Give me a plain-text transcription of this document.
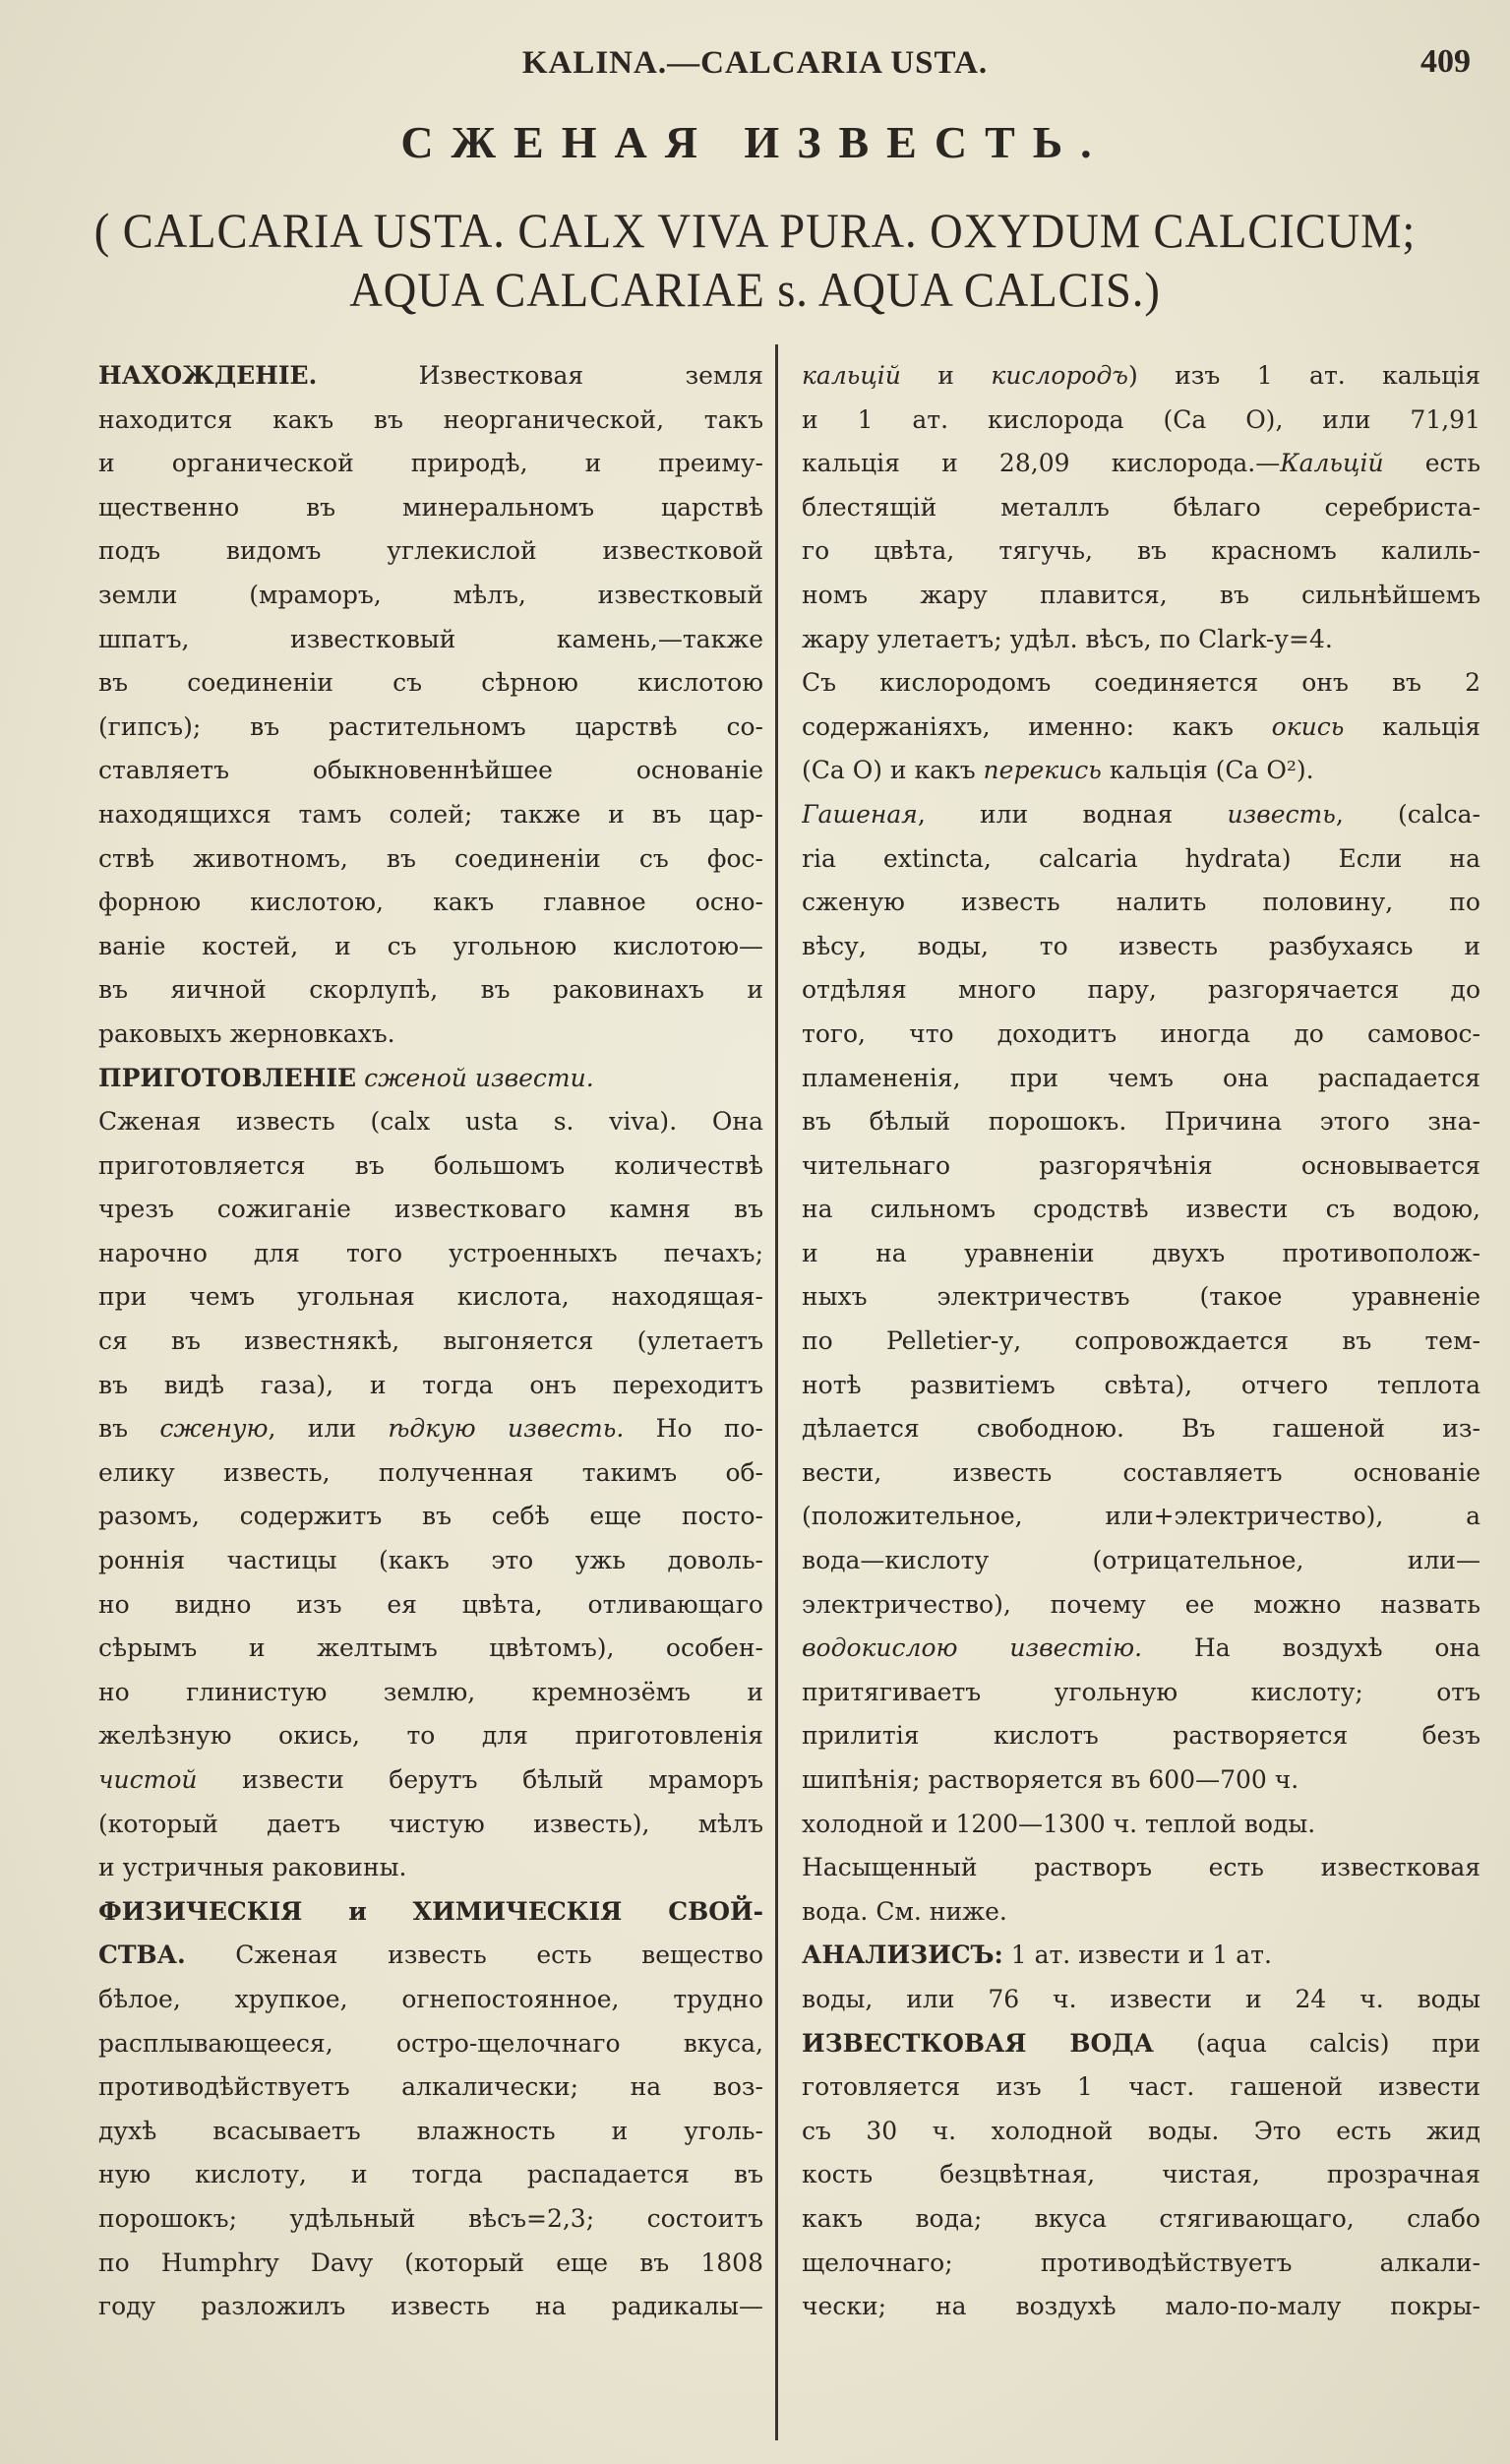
KALINA.—CALCARIA USTA.	409
СЖЕНАЯ ИЗВЕСТЬ.
( CALCARIA USTA. CALX VIVA PURA. OXYDUM CALCICUM;
AQUA CALCARIAE s. AQUA CALCIS.)
НАХОЖДЕНІЕ. Известковая земля
находится какъ въ неорганической, такъ
и органической природѣ, и преиму-
щественно въ минеральномъ царствѣ
подъ видомъ углекислой известковой
земли (мраморъ, мѣлъ, известковый
шпатъ, известковый камень,—также
въ соединеніи съ сѣрною кислотою
(гипсъ); въ растительномъ царствѣ со-
ставляетъ обыкновеннѣйшее основаніе
находящихся тамъ солей; также и въ цар-
ствѣ животномъ, въ соединеніи съ фос-
форною кислотою, какъ главное осно-
ваніе костей, и съ угольною кислотою—
въ яичной скорлупѣ, въ раковинахъ и
раковыхъ жерновкахъ.
ПРИГОТОВЛЕНІЕ сженой извести.
Сженая известь (calx usta s. viva). Она
приготовляется въ большомъ количествѣ
чрезъ сожиганіе известковаго камня въ
нарочно для того устроенныхъ печахъ;
при чемъ угольная кислота, находящая-
ся въ известнякѣ, выгоняется (улетаетъ
въ видѣ газа), и тогда онъ переходитъ
въ сженую, или ѣдкую известь. Но по-
елику известь, полученная такимъ об-
разомъ, содержитъ въ себѣ еще посто-
роннія частицы (какъ это ужь доволь-
но видно изъ ея цвѣта, отливающаго
сѣрымъ и желтымъ цвѣтомъ), особен-
но глинистую землю, кремнозёмъ и
желѣзную окись, то для приготовленія
чистой извести берутъ бѣлый мраморъ
(который даетъ чистую известь), мѣлъ
и устричныя раковины.
ФИЗИЧЕСКІЯ и ХИМИЧЕСКІЯ СВОЙ-
СТВА. Сженая известь есть вещество
бѣлое, хрупкое, огнепостоянное, трудно
расплывающееся, остро-щелочнаго вкуса,
противодѣйствуетъ алкалически; на воз-
духѣ всасываетъ влажность и уголь-
ную кислоту, и тогда распадается въ
порошокъ; удѣльный вѣсъ=2,3; состоитъ
по Humphry Davy (который еще въ 1808
году разложилъ известь на радикалы—
кальцій и кислородъ) изъ 1 ат. кальція
и 1 ат. кислорода (Ca O), или 71,91
кальція и 28,09 кислорода.—Кальцій есть
блестящій металлъ бѣлаго серебриста-
го цвѣта, тягучь, въ красномъ калиль-
номъ жару плавится, въ сильнѣйшемъ
жару улетаетъ; удѣл. вѣсъ, по Clark-у=4.
Съ кислородомъ соединяется онъ въ 2
содержаніяхъ, именно: какъ окись кальція
(Ca O) и какъ перекись кальція (Ca O²).
Гашеная, или водная известь, (calca-
ria extincta, calcaria hydrata) Если на
сженую известь налить половину, по
вѣсу, воды, то известь разбухаясь и
отдѣляя много пару, разгорячается до
того, что доходитъ иногда до самовос-
пламененія, при чемъ она распадается
въ бѣлый порошокъ. Причина этого зна-
чительнаго разгорячѣнія основывается
на сильномъ сродствѣ извести съ водою,
и на уравненіи двухъ противополож-
ныхъ электричествъ (такое уравненіе
по Pelletier-у, сопровождается въ тем-
нотѣ развитіемъ свѣта), отчего теплота
дѣлается свободною. Въ гашеной из-
вести, известь составляетъ основаніе
(положительное, или+электричество), а
вода—кислоту (отрицательное, или—
электричество), почему ее можно назвать
водокислою известію. На воздухѣ она
притягиваетъ угольную кислоту; отъ
прилитія кислотъ растворяется безъ
шипѣнія; растворяется въ 600—700 ч.
холодной и 1200—1300 ч. теплой воды.
Насыщенный растворъ есть известковая
вода. См. ниже.
АНАЛИЗИСЪ: 1 ат. извести и 1 ат.
воды, или 76 ч. извести и 24 ч. воды
ИЗВЕСТКОВАЯ ВОДА (aqua calcis) при
готовляется изъ 1 част. гашеной извести
съ 30 ч. холодной воды. Это есть жид
кость безцвѣтная, чистая, прозрачная
какъ вода; вкуса стягивающаго, слабо
щелочнаго; противодѣйствуетъ алкали-
чески; на воздухѣ мало-по-малу покры-
